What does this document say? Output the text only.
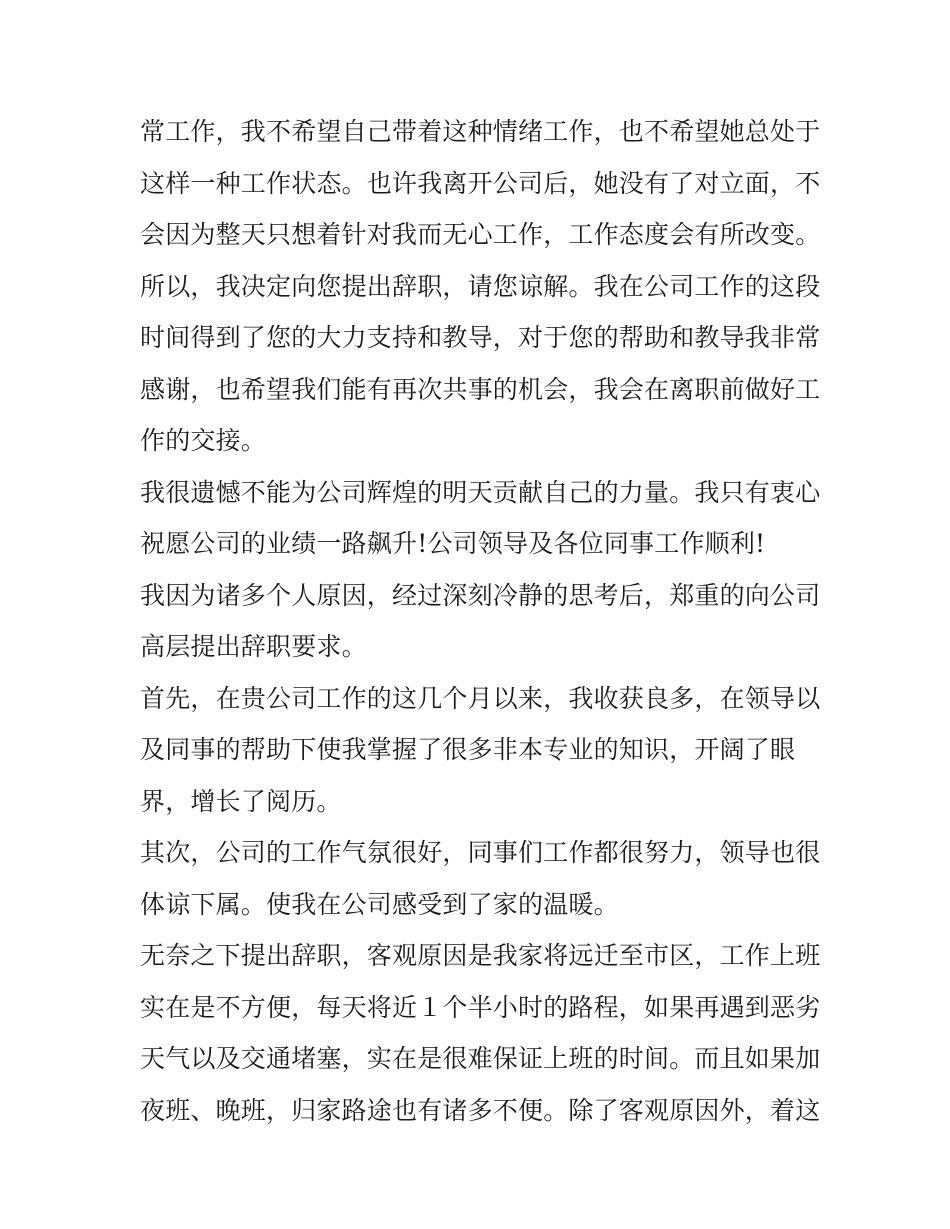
常工作，我不希望自己带着这种情绪工作，也不希望她总处于
这样一种工作状态。也许我离开公司后，她没有了对立面，不
会因为整天只想着针对我而无心工作，工作态度会有所改变。
所以，我决定向您提出辞职，请您谅解。我在公司工作的这段
时间得到了您的大力支持和教导，对于您的帮助和教导我非常
感谢，也希望我们能有再次共事的机会，我会在离职前做好工
作的交接。
我很遗憾不能为公司辉煌的明天贡献自己的力量。我只有衷心
祝愿公司的业绩一路飙升!公司领导及各位同事工作顺利!
我因为诸多个人原因，经过深刻冷静的思考后，郑重的向公司
高层提出辞职要求。
首先，在贵公司工作的这几个月以来，我收获良多，在领导以
及同事的帮助下使我掌握了很多非本专业的知识，开阔了眼
界，增长了阅历。
其次，公司的工作气氛很好，同事们工作都很努力，领导也很
体谅下属。使我在公司感受到了家的温暖。
无奈之下提出辞职，客观原因是我家将远迁至市区，工作上班
实在是不方便，每天将近１个半小时的路程，如果再遇到恶劣
天气以及交通堵塞，实在是很难保证上班的时间。而且如果加
夜班、晚班，归家路途也有诸多不便。除了客观原因外，着这
